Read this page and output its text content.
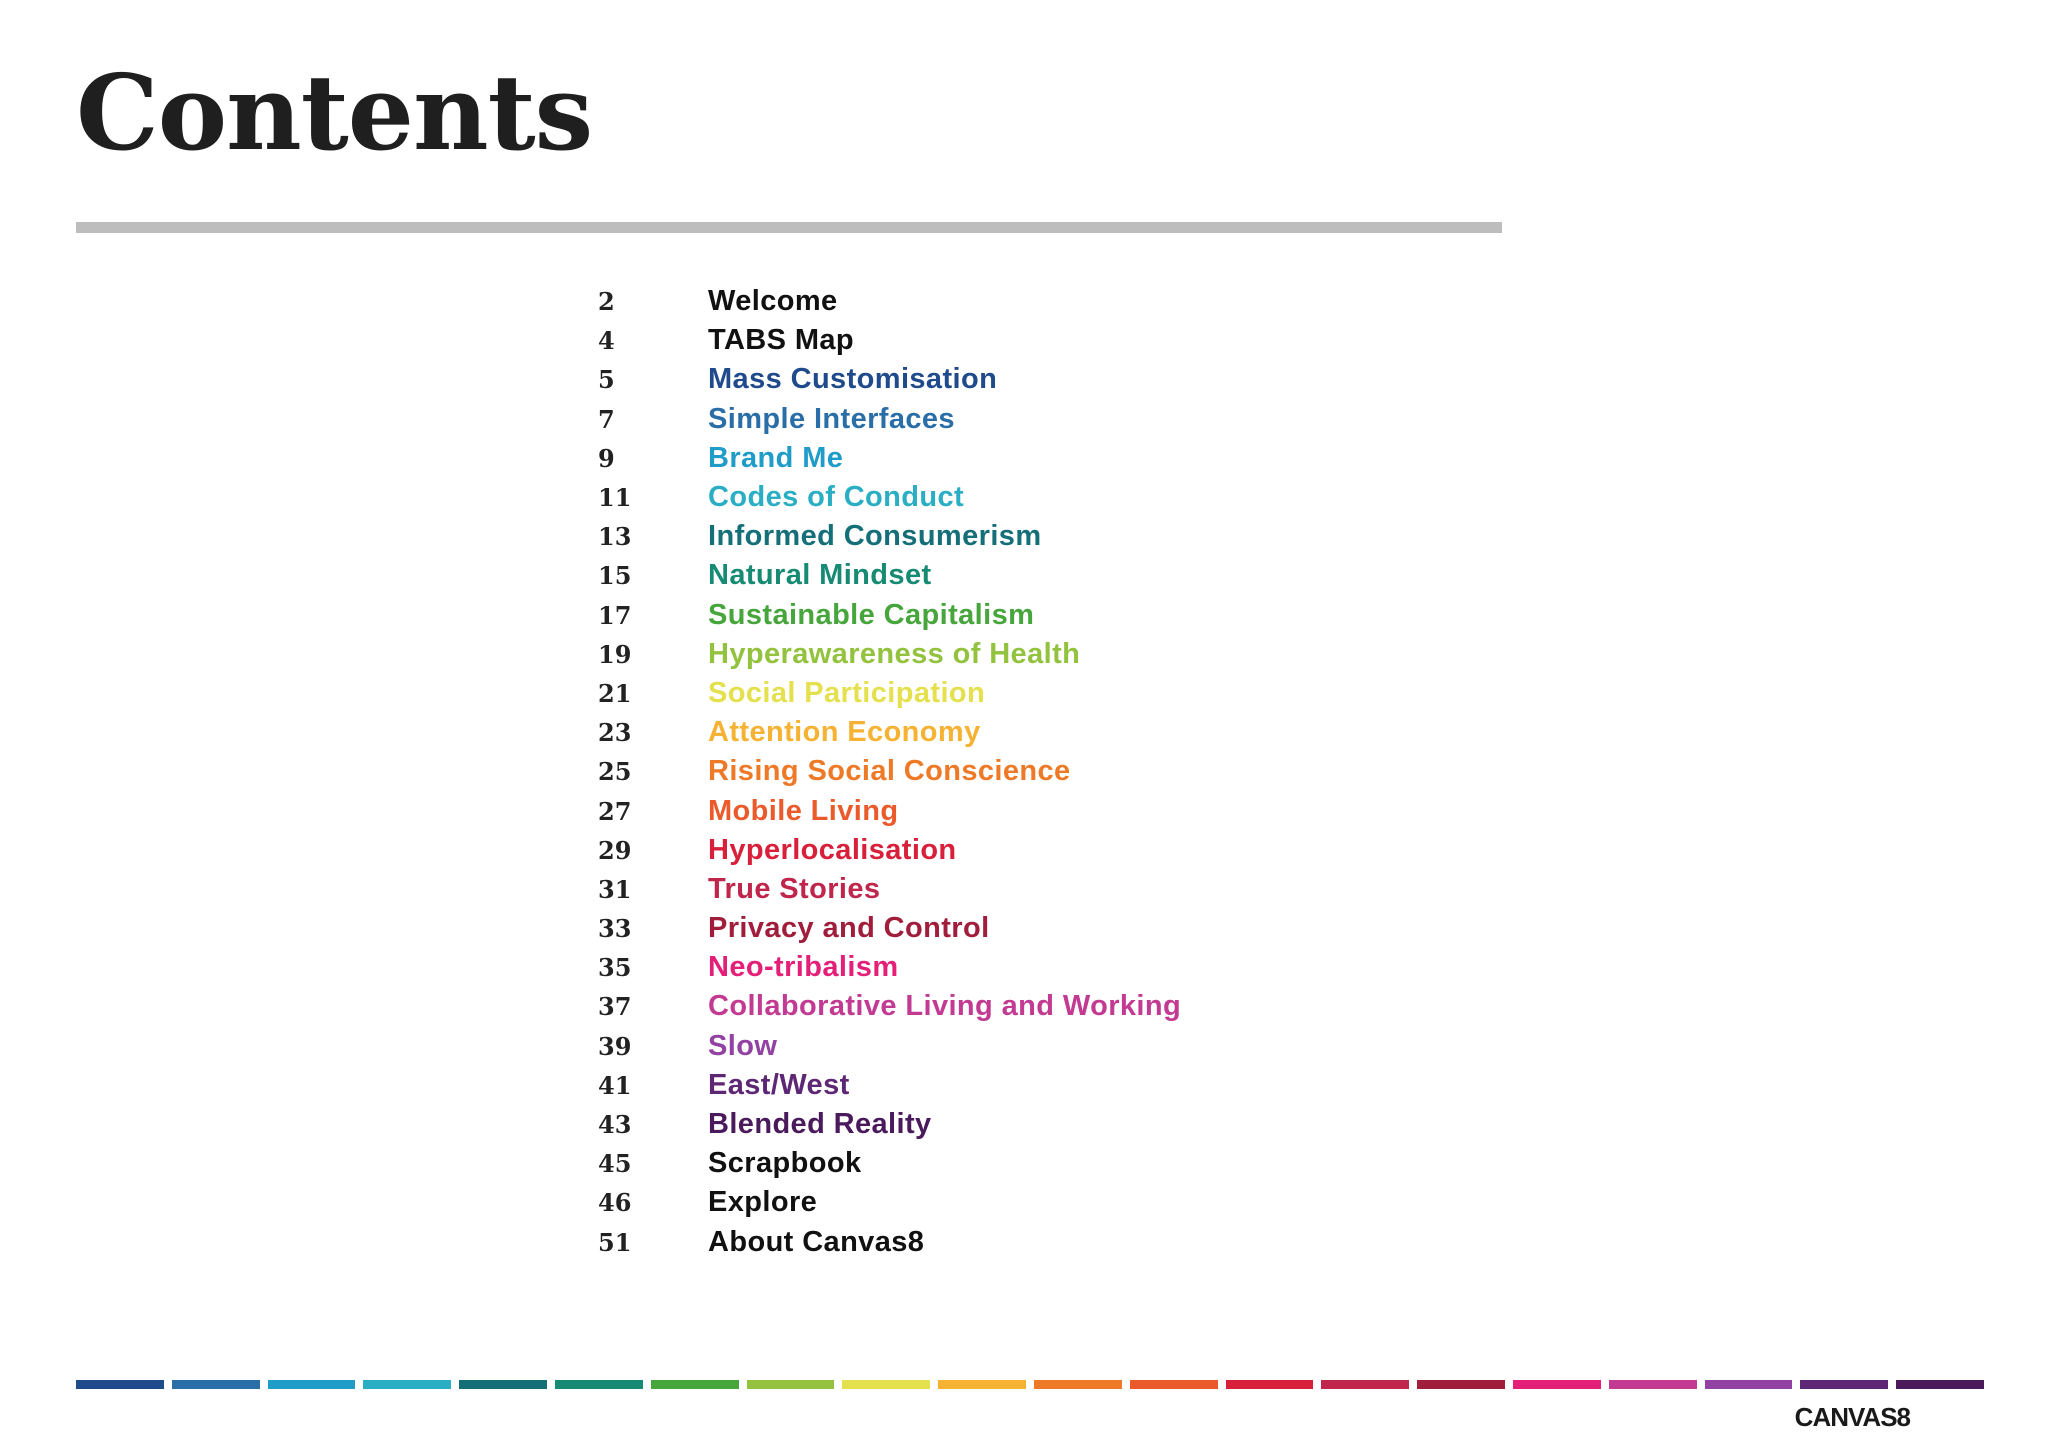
Contents
2	Welcome
4	TABS Map
5	Mass Customisation
7	Simple Interfaces
9	Brand Me
11	Codes of Conduct
13	Informed Consumerism
15	Natural Mindset
17	Sustainable Capitalism
19	Hyperawareness of Health
21	Social Participation
23	Attention Economy
25	Rising Social Conscience
27	Mobile Living
29	Hyperlocalisation
31	True Stories
33	Privacy and Control
35	Neo-tribalism
37	Collaborative Living and Working
39	Slow
41	East/West
43	Blended Reality
45	Scrapbook
46	Explore
51	About Canvas8
CANVAS8
